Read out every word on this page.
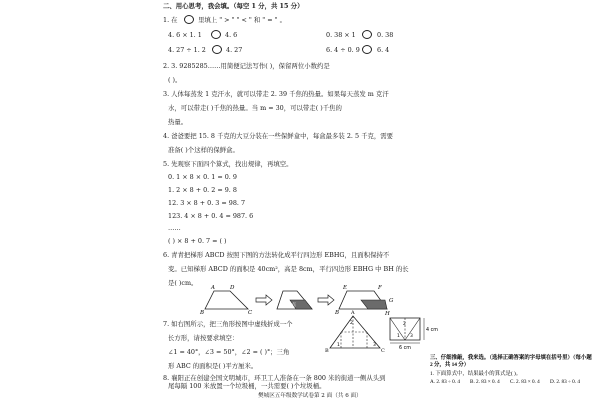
二、用心思考，我会填。（每空 1 分，共 15 分）
1. 在	里填上 " > " " < " 和 " = " 。
4. 6 × 1. 1	4. 6	0. 38 × 1	0. 38
4. 27 ÷ 1. 2	4. 27	6. 4 ÷ 0. 9	6. 4
2. 3. 9285285……用简便记法写作( )，保留两位小数约是
( )。
3. 人体每蒸发 1 克汗水，就可以带走 2. 39 千焦的热量。如果每天蒸发 m 克汗
水，可以带走( )千焦的热量。当 m = 30，可以带走( )千焦的
热量。
4. 爸爸要把 15. 8 千克的大豆分装在一些保鲜盒中，每盒最多装 2. 5 千克，需要
准备( )个这样的保鲜盒。
5. 先观察下面四个算式，找出规律，再填空。
0. 1 × 8 × 0. 1 = 0. 9
1. 2 × 8 + 0. 2 = 9. 8
12. 3 × 8 + 0. 3 = 98. 7
123. 4 × 8 + 0. 4 = 987. 6
……
( ) × 8 + 0. 7 = ( )
6. 青青把梯形 ABCD 按照下图的方法转化成平行四边形 EBHG，且面积保持不
变。已知梯形 ABCD 的面积是 40cm²，高是 8cm，平行四边形 EBHG 中 BH 的长
是( )cm。
A	D
B	C
中点
E	F
G
B	H
7. 如右图所示，把三角形按图中虚线折成一个
长方形，请按要求填空：
∠1 = 40°，∠3 = 50°，∠2 = ( )°；三角
形 ABC 的面积是( )平方厘米。
A
B	C
1
2
3
1
2
3
4 cm
6 cm
8. 襄阳正在创建全国文明城市，环卫工人准备在一条 800 米的街道一侧从头到
尾每隔 100 米放置一个垃圾桶，一共需要( )个垃圾桶。
樊城区五年级数学试卷第 2 面（共 6 面）
三、仔细推敲，我来选。（选择正确答案的字母填在括号里）（每小题 2 分，共 14 分）
1. 下面算式中，结果最小的算式是( )。
A. 2. 83 ÷ 0. 4 B. 2. 83 × 0. 4 C. 2. 83 × 0. 4 D. 2. 83 ÷ 0. 4
